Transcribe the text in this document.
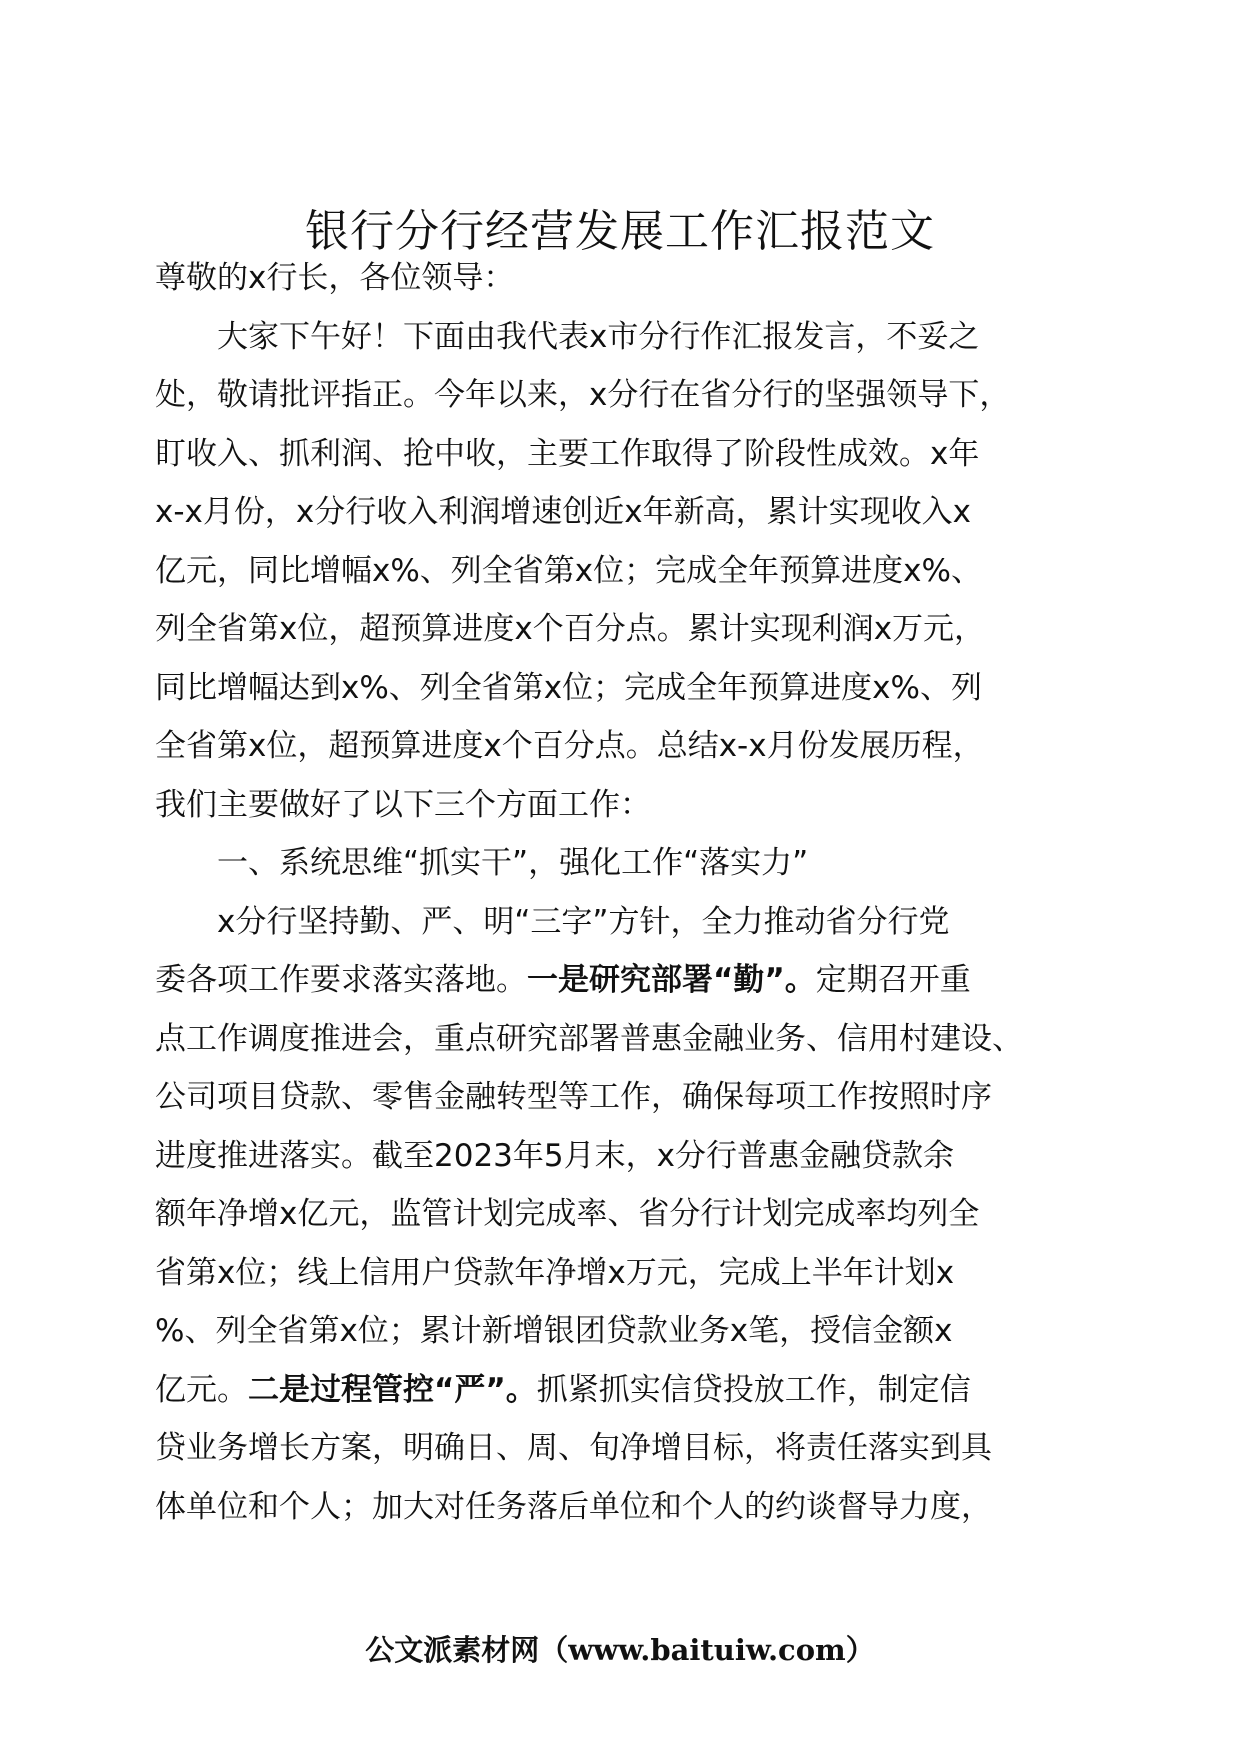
银行分行经营发展工作汇报范文
尊敬的x行长，各位领导：
大家下午好！下面由我代表x市分行作汇报发言，不妥之
处，敬请批评指正。今年以来，x分行在省分行的坚强领导下，
盯收入、抓利润、抢中收，主要工作取得了阶段性成效。x年
x-x月份，x分行收入利润增速创近x年新高，累计实现收入x
亿元，同比增幅x%、列全省第x位；完成全年预算进度x%、
列全省第x位，超预算进度x个百分点。累计实现利润x万元，
同比增幅达到x%、列全省第x位；完成全年预算进度x%、列
全省第x位，超预算进度x个百分点。总结x-x月份发展历程，
我们主要做好了以下三个方面工作：
一、系统思维“抓实干”，强化工作“落实力”
x分行坚持勤、严、明“三字”方针，全力推动省分行党
委各项工作要求落实落地。一是研究部署“勤”。定期召开重
点工作调度推进会，重点研究部署普惠金融业务、信用村建设、
公司项目贷款、零售金融转型等工作，确保每项工作按照时序
进度推进落实。截至2023年5月末，x分行普惠金融贷款余
额年净增x亿元，监管计划完成率、省分行计划完成率均列全
省第x位；线上信用户贷款年净增x万元，完成上半年计划x
%、列全省第x位；累计新增银团贷款业务x笔，授信金额x
亿元。二是过程管控“严”。抓紧抓实信贷投放工作，制定信
贷业务增长方案，明确日、周、旬净增目标，将责任落实到具
体单位和个人；加大对任务落后单位和个人的约谈督导力度，
公文派素材网（www.baituiw.com）
